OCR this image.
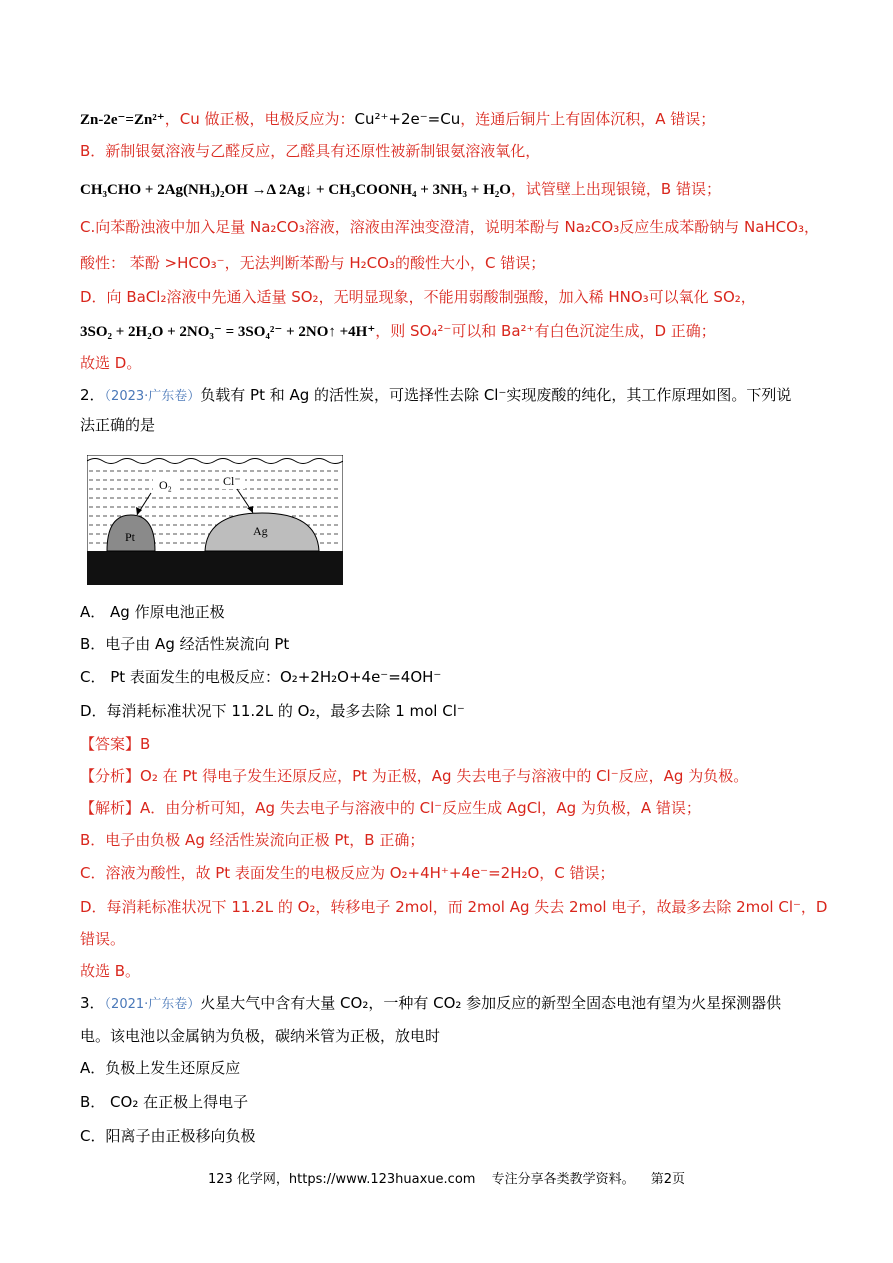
Zn-2e⁻=Zn²⁺，Cu 做正极，电极反应为：Cu²⁺+2e⁻=Cu，连通后铜片上有固体沉积，A 错误；
B．新制银氨溶液与乙醛反应，乙醛具有还原性被新制银氨溶液氧化，
CH₃CHO + 2Ag(NH₃)₂OH →Δ 2Ag↓ + CH₃COONH₄ + 3NH₃ + H₂O，试管壁上出现银镜，B 错误；
C.向苯酚浊液中加入足量 Na₂CO₃溶液，溶液由浑浊变澄清，说明苯酚与 Na₂CO₃反应生成苯酚钠与 NaHCO₃，
酸性： 苯酚 >HCO₃⁻，无法判断苯酚与 H₂CO₃的酸性大小，C 错误；
D．向 BaCl₂溶液中先通入适量 SO₂，无明显现象，不能用弱酸制强酸，加入稀 HNO₃可以氧化 SO₂，
3SO₂ + 2H₂O + 2NO₃⁻ = 3SO₄²⁻ + 2NO↑ +4H⁺，则 SO₄²⁻可以和 Ba²⁺有白色沉淀生成，D 正确；
故选 D。
2．（2023·广东卷）负载有 Pt 和 Ag 的活性炭，可选择性去除 Cl⁻实现废酸的纯化，其工作原理如图。下列说
法正确的是
O₂	Cl⁻
Pt	Ag
A． Ag 作原电池正极
B．电子由 Ag 经活性炭流向 Pt
C． Pt 表面发生的电极反应：O₂+2H₂O+4e⁻=4OH⁻
D．每消耗标准状况下 11.2L 的 O₂，最多去除 1 mol Cl⁻
【答案】B
【分析】O₂ 在 Pt 得电子发生还原反应，Pt 为正极，Ag 失去电子与溶液中的 Cl⁻反应，Ag 为负极。
【解析】A．由分析可知，Ag 失去电子与溶液中的 Cl⁻反应生成 AgCl，Ag 为负极，A 错误；
B．电子由负极 Ag 经活性炭流向正极 Pt，B 正确；
C．溶液为酸性，故 Pt 表面发生的电极反应为 O₂+4H⁺+4e⁻=2H₂O，C 错误；
D．每消耗标准状况下 11.2L 的 O₂，转移电子 2mol，而 2mol Ag 失去 2mol 电子，故最多去除 2mol Cl⁻，D
错误。
故选 B。
3．（2021·广东卷）火星大气中含有大量 CO₂，一种有 CO₂ 参加反应的新型全固态电池有望为火星探测器供
电。该电池以金属钠为负极，碳纳米管为正极，放电时
A．负极上发生还原反应
B． CO₂ 在正极上得电子
C．阳离子由正极移向负极
123 化学网，https://www.123huaxue.com 专注分享各类教学资料。 第2页
